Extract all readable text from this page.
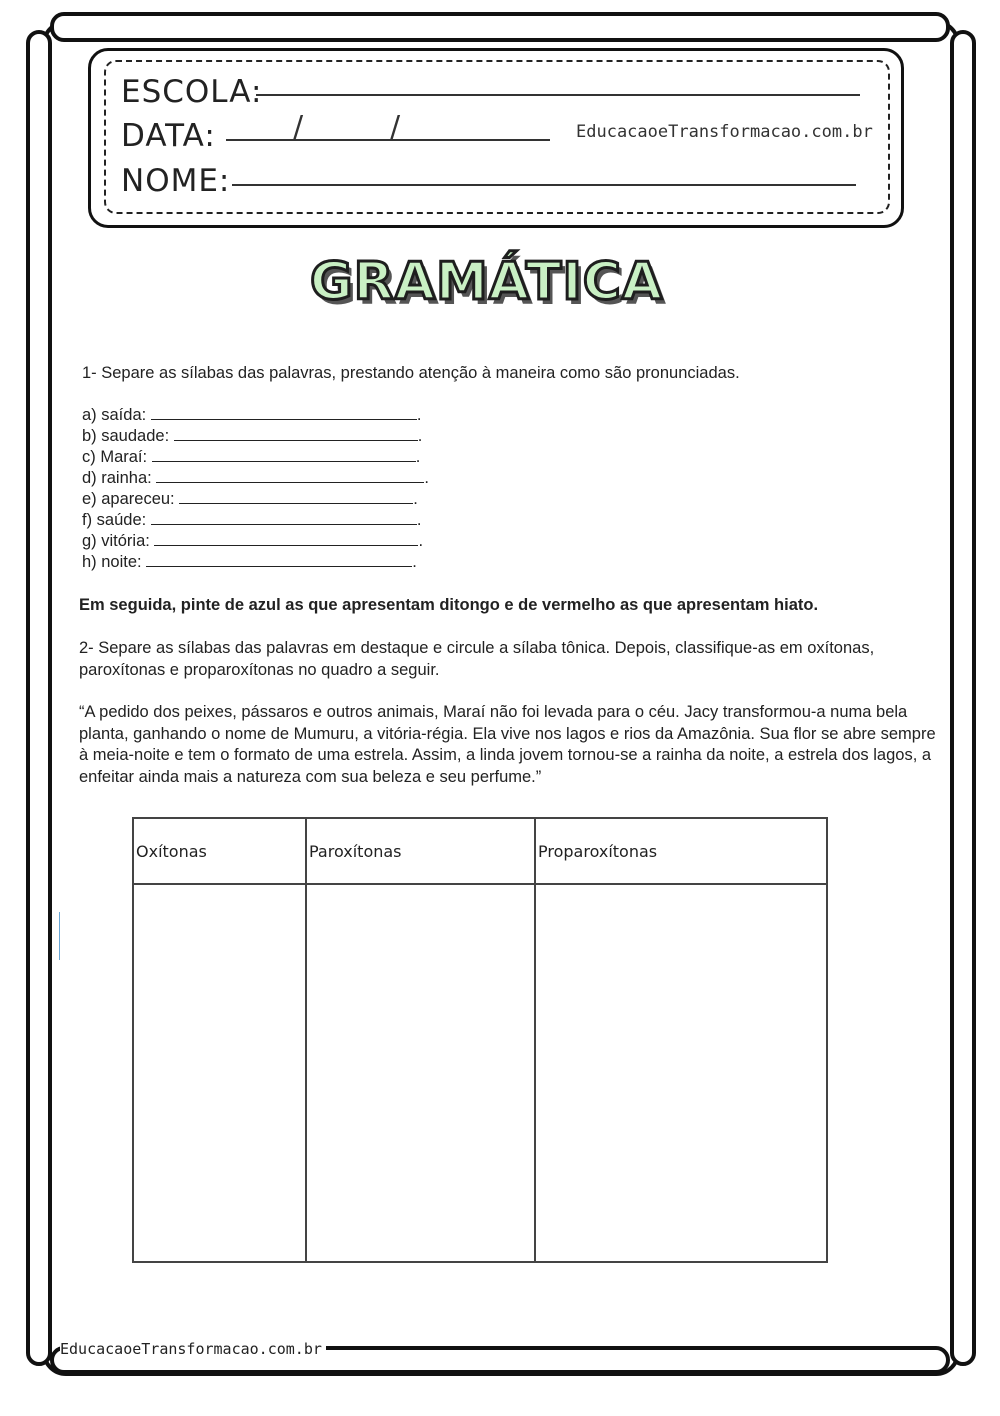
ESCOLA:
DATA:	/	/	EducacaoeTransformacao.com.br
NOME:
GRAMÁTICA
1- Separe as sílabas das palavras, prestando atenção à maneira como são pronunciadas.
a) saída:	.
b) saudade:	.
c) Maraí:	.
d) rainha:	.
e) apareceu:	.
f) saúde:	.
g) vitória:	.
h) noite:	.
Em seguida, pinte de azul as que apresentam ditongo e de vermelho as que apresentam hiato.
2- Separe as sílabas das palavras em destaque e circule a sílaba tônica. Depois, classifique-as em oxítonas, paroxítonas e proparoxítonas no quadro a seguir.
“A pedido dos peixes, pássaros e outros animais, Maraí não foi levada para o céu. Jacy transformou-a numa bela planta, ganhando o nome de Mumuru, a vitória-régia. Ela vive nos lagos e rios da Amazônia. Sua flor se abre sempre à meia-noite e tem o formato de uma estrela. Assim, a linda jovem tornou-se a rainha da noite, a estrela dos lagos, a enfeitar ainda mais a natureza com sua beleza e seu perfume.”
Oxítonas	Paroxítonas	Proparoxítonas

EducacaoeTransformacao.com.br
